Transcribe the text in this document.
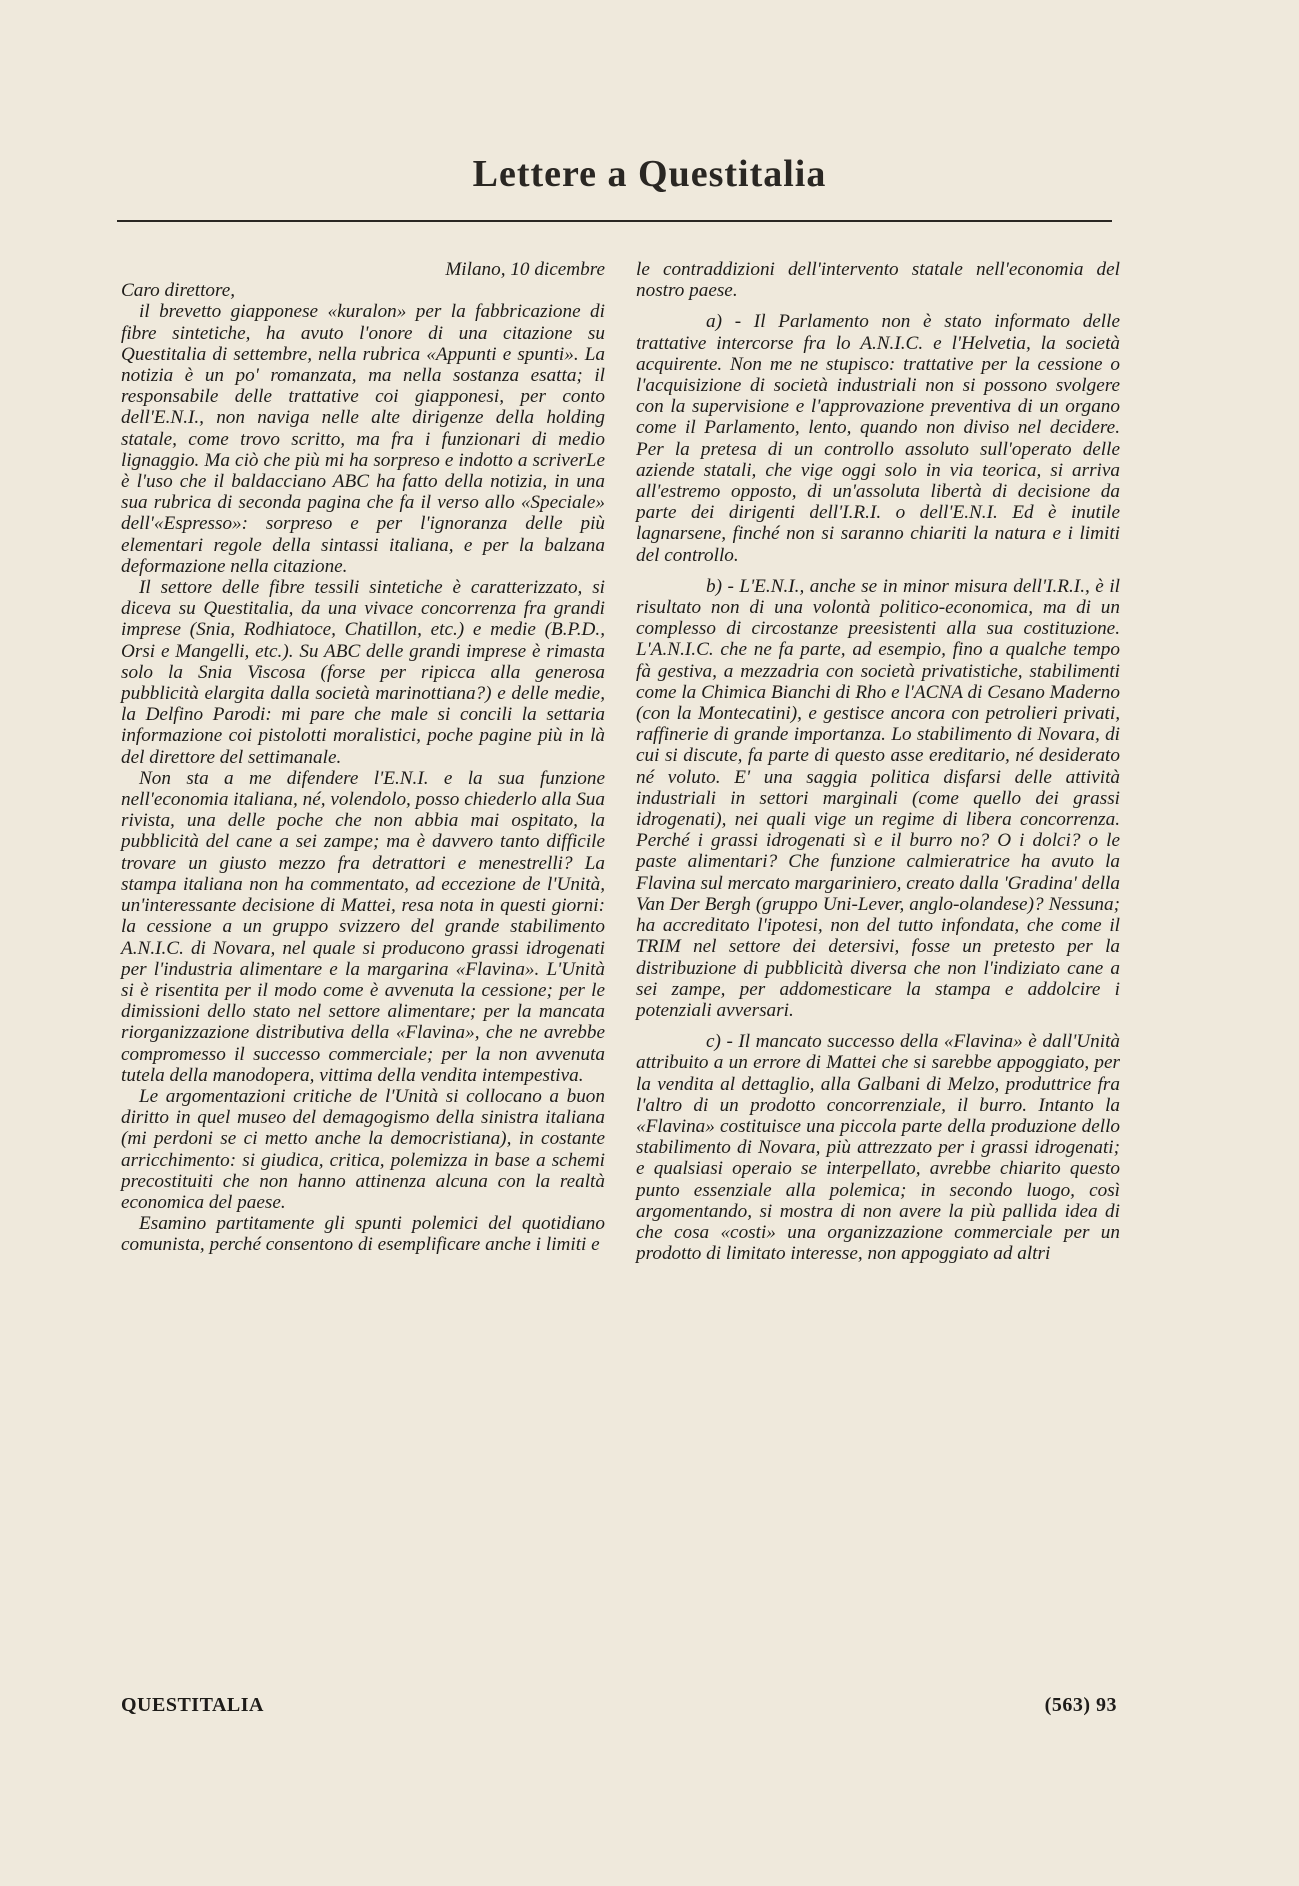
Lettere a Questitalia

Milano, 10 dicembre

Caro direttore,

il brevetto giapponese «kuralon» per la fabbricazione di fibre sintetiche, ha avuto l'onore di una citazione su Questitalia di settembre, nella rubrica «Appunti e spunti». La notizia è un po' romanzata, ma nella sostanza esatta; il responsabile delle trattative coi giapponesi, per conto dell'E.N.I., non naviga nelle alte dirigenze della holding statale, come trovo scritto, ma fra i funzionari di medio lignaggio. Ma ciò che più mi ha sorpreso e indotto a scriverLe è l'uso che il baldacciano ABC ha fatto della notizia, in una sua rubrica di seconda pagina che fa il verso allo «Speciale» dell'«Espresso»: sorpreso e per l'ignoranza delle più elementari regole della sintassi italiana, e per la balzana deformazione nella citazione.

Il settore delle fibre tessili sintetiche è caratterizzato, si diceva su Questitalia, da una vivace concorrenza fra grandi imprese (Snia, Rodhiatoce, Chatillon, etc.) e medie (B.P.D., Orsi e Mangelli, etc.). Su ABC delle grandi imprese è rimasta solo la Snia Viscosa (forse per ripicca alla generosa pubblicità elargita dalla società marinottiana?) e delle medie, la Delfino Parodi: mi pare che male si concili la settaria informazione coi pistolotti moralistici, poche pagine più in là del direttore del settimanale.

Non sta a me difendere l'E.N.I. e la sua funzione nell'economia italiana, né, volendolo, posso chiederlo alla Sua rivista, una delle poche che non abbia mai ospitato, la pubblicità del cane a sei zampe; ma è davvero tanto difficile trovare un giusto mezzo fra detrattori e menestrelli? La stampa italiana non ha commentato, ad eccezione de l'Unità, un'interessante decisione di Mattei, resa nota in questi giorni: la cessione a un gruppo svizzero del grande stabilimento A.N.I.C. di Novara, nel quale si producono grassi idrogenati per l'industria alimentare e la margarina «Flavina». L'Unità si è risentita per il modo come è avvenuta la cessione; per le dimissioni dello stato nel settore alimentare; per la mancata riorganizzazione distributiva della «Flavina», che ne avrebbe compromesso il successo commerciale; per la non avvenuta tutela della manodopera, vittima della vendita intempestiva.

Le argomentazioni critiche de l'Unità si collocano a buon diritto in quel museo del demagogismo della sinistra italiana (mi perdoni se ci metto anche la democristiana), in costante arricchimento: si giudica, critica, polemizza in base a schemi precostituiti che non hanno attinenza alcuna con la realtà economica del paese.

Esamino partitamente gli spunti polemici del quotidiano comunista, perché consentono di esemplificare anche i limiti e

le contraddizioni dell'intervento statale nell'economia del nostro paese.

a) - Il Parlamento non è stato informato delle trattative intercorse fra lo A.N.I.C. e l'Helvetia, la società acquirente. Non me ne stupisco: trattative per la cessione o l'acquisizione di società industriali non si possono svolgere con la supervisione e l'approvazione preventiva di un organo come il Parlamento, lento, quando non diviso nel decidere. Per la pretesa di un controllo assoluto sull'operato delle aziende statali, che vige oggi solo in via teorica, si arriva all'estremo opposto, di un'assoluta libertà di decisione da parte dei dirigenti dell'I.R.I. o dell'E.N.I. Ed è inutile lagnarsene, finché non si saranno chiariti la natura e i limiti del controllo.

b) - L'E.N.I., anche se in minor misura dell'I.R.I., è il risultato non di una volontà politico-economica, ma di un complesso di circostanze preesistenti alla sua costituzione. L'A.N.I.C. che ne fa parte, ad esempio, fino a qualche tempo fà gestiva, a mezzadria con società privatistiche, stabilimenti come la Chimica Bianchi di Rho e l'ACNA di Cesano Maderno (con la Montecatini), e gestisce ancora con petrolieri privati, raffinerie di grande importanza. Lo stabilimento di Novara, di cui si discute, fa parte di questo asse ereditario, né desiderato né voluto. E' una saggia politica disfarsi delle attività industriali in settori marginali (come quello dei grassi idrogenati), nei quali vige un regime di libera concorrenza. Perché i grassi idrogenati sì e il burro no? O i dolci? o le paste alimentari? Che funzione calmieratrice ha avuto la Flavina sul mercato margariniero, creato dalla 'Gradina' della Van Der Bergh (gruppo Uni-Lever, anglo-olandese)? Nessuna; ha accreditato l'ipotesi, non del tutto infondata, che come il TRIM nel settore dei detersivi, fosse un pretesto per la distribuzione di pubblicità diversa che non l'indiziato cane a sei zampe, per addomesticare la stampa e addolcire i potenziali avversari.

c) - Il mancato successo della «Flavina» è dall'Unità attribuito a un errore di Mattei che si sarebbe appoggiato, per la vendita al dettaglio, alla Galbani di Melzo, produttrice fra l'altro di un prodotto concorrenziale, il burro. Intanto la «Flavina» costituisce una piccola parte della produzione dello stabilimento di Novara, più attrezzato per i grassi idrogenati; e qualsiasi operaio se interpellato, avrebbe chiarito questo punto essenziale alla polemica; in secondo luogo, così argomentando, si mostra di non avere la più pallida idea di che cosa «costi» una organizzazione commerciale per un prodotto di limitato interesse, non appoggiato ad altri

QUESTITALIA	(563) 93
